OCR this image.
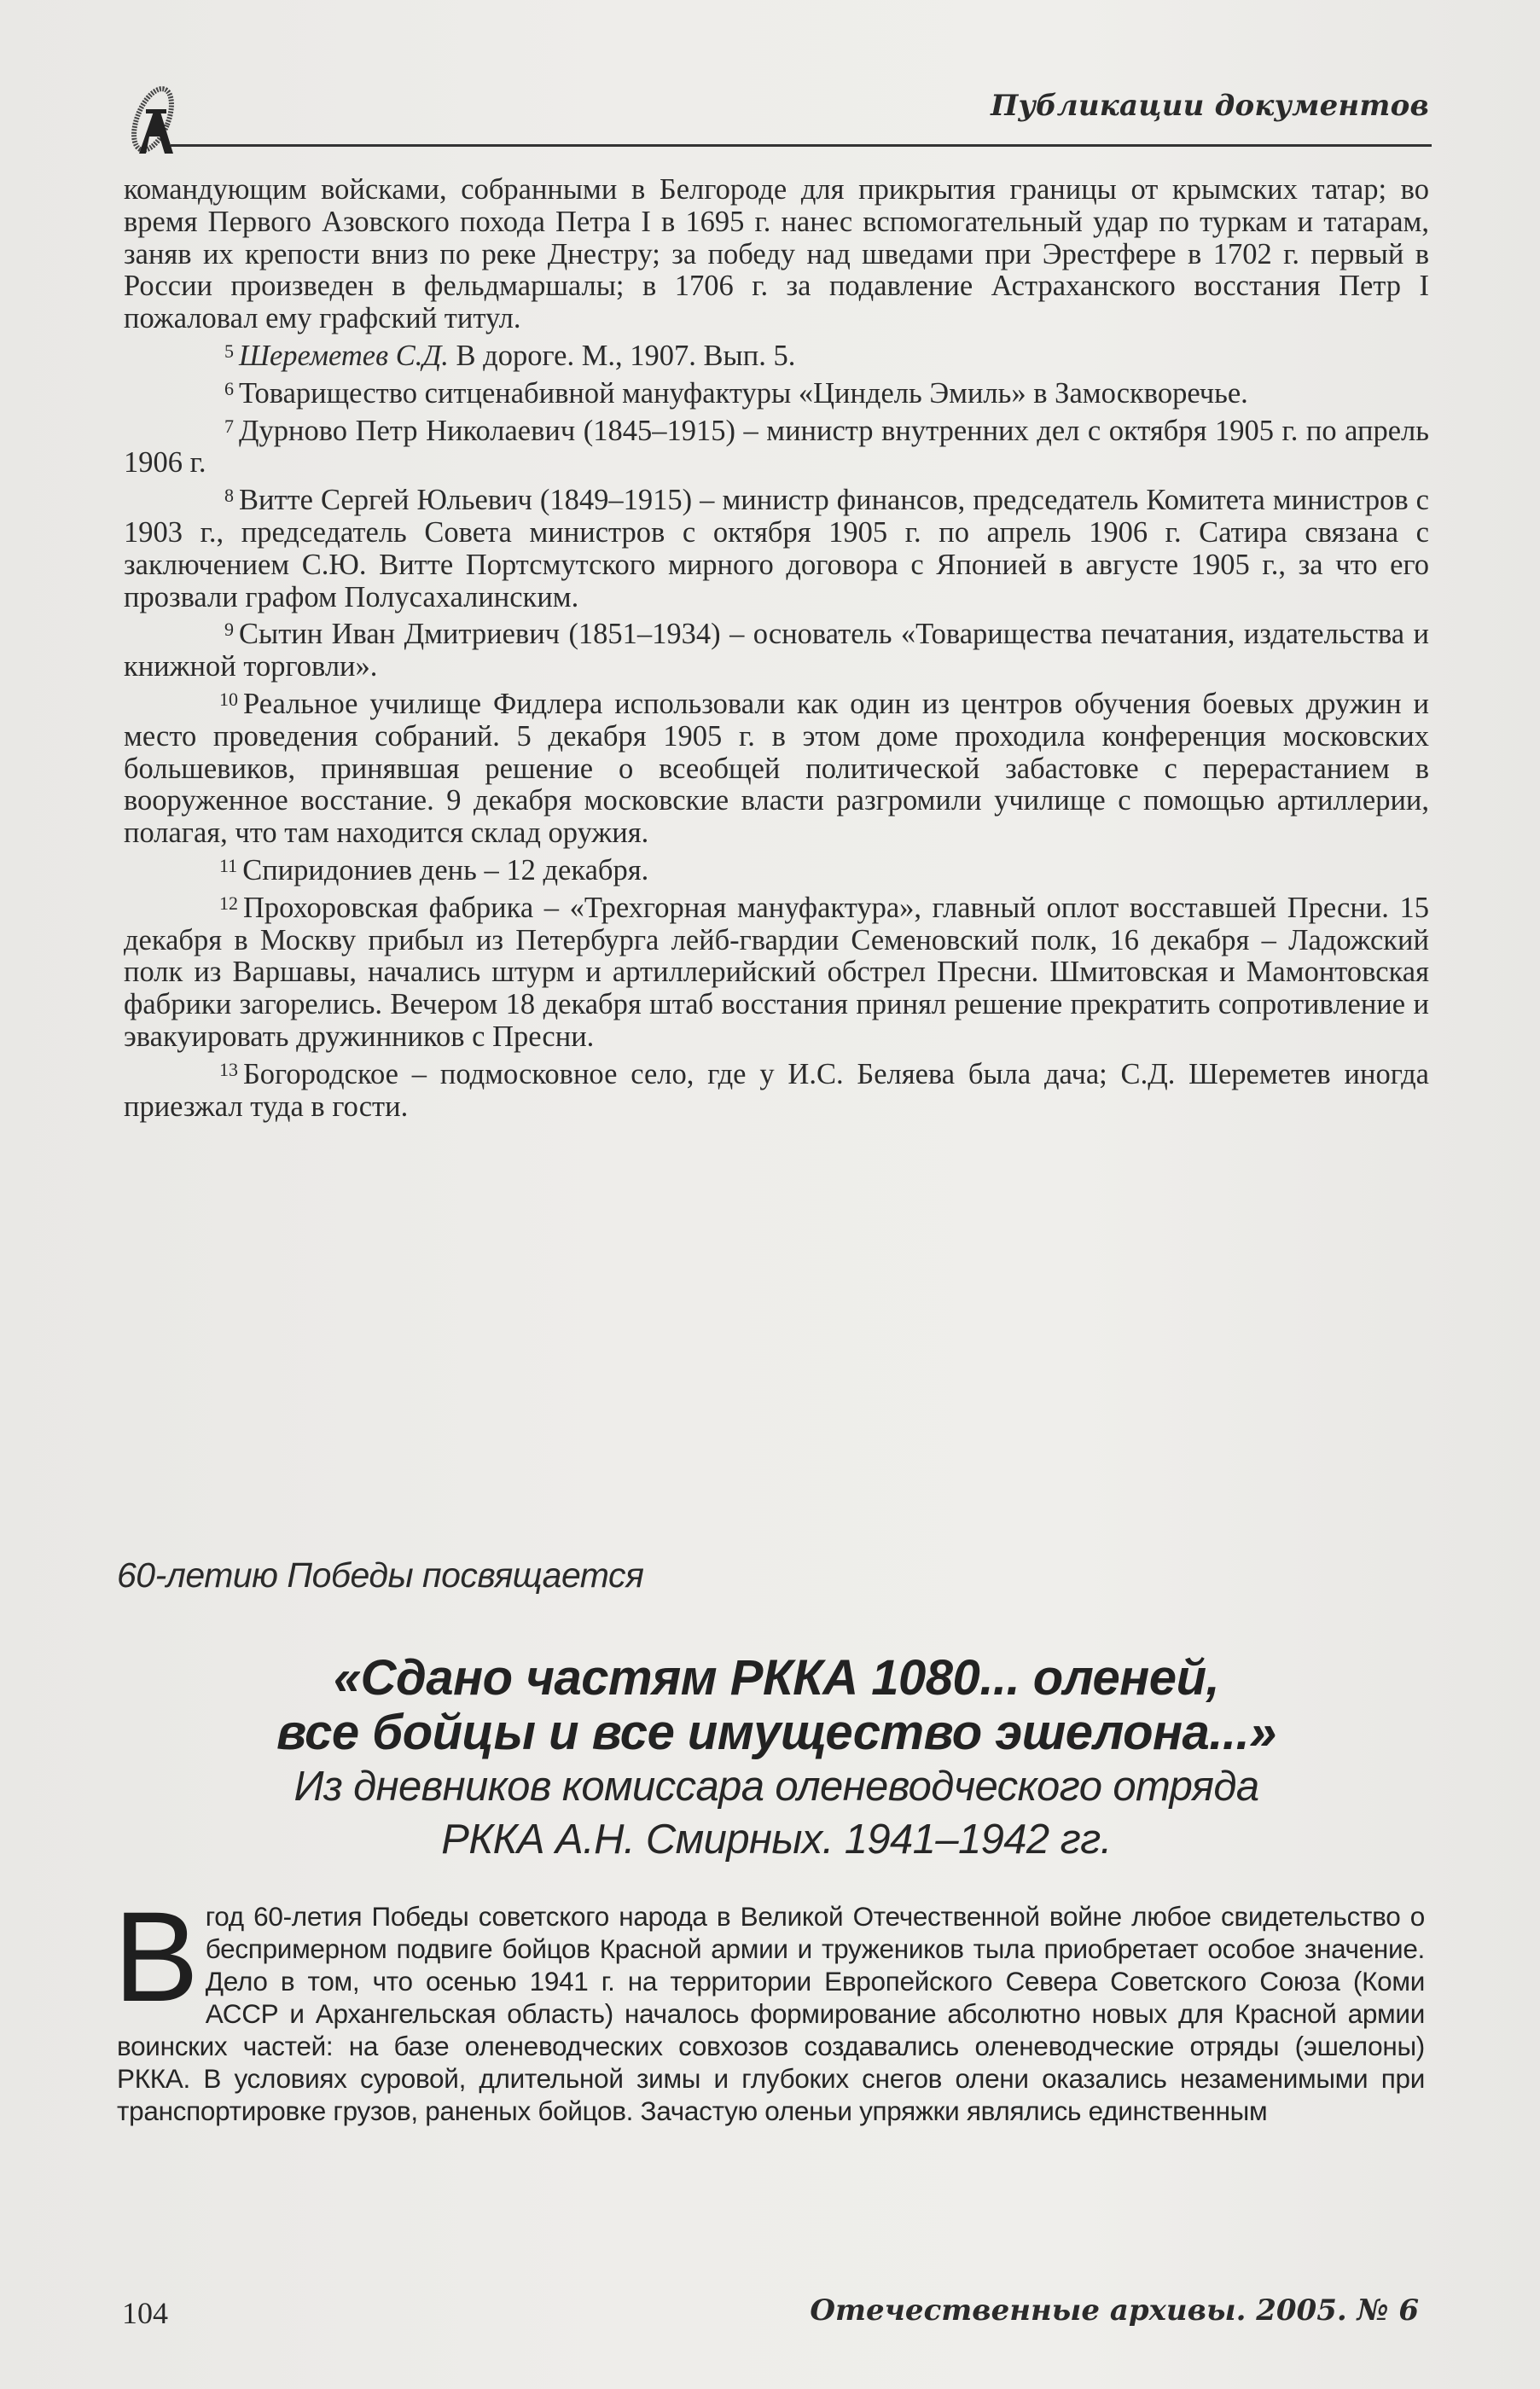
Публикации документов

командующим войсками, собранными в Белгороде для прикрытия границы от крымских татар; во время Первого Азовского похода Петра I в 1695 г. нанес вспомогательный удар по туркам и татарам, заняв их крепости вниз по реке Днестру; за победу над шведами при Эрестфере в 1702 г. первый в России произведен в фельдмаршалы; в 1706 г. за подавление Астраханского восстания Петр I пожаловал ему графский титул.

$^5$ Шереметев С.Д. В дороге. М., 1907. Вып. 5.

$^6$ Товарищество ситценабивной мануфактуры «Циндель Эмиль» в Замоскворечье.

$^7$ Дурново Петр Николаевич (1845–1915) – министр внутренних дел с октября 1905 г. по апрель 1906 г.

$^8$ Витте Сергей Юльевич (1849–1915) – министр финансов, председатель Комитета министров с 1903 г., председатель Совета министров с октября 1905 г. по апрель 1906 г. Сатира связана с заключением С.Ю. Витте Портсмутского мирного договора с Японией в августе 1905 г., за что его прозвали графом Полусахалинским.

$^9$ Сытин Иван Дмитриевич (1851–1934) – основатель «Товарищества печатания, издательства и книжной торговли».

$^{10}$ Реальное училище Фидлера использовали как один из центров обучения боевых дружин и место проведения собраний. 5 декабря 1905 г. в этом доме проходила конференция московских большевиков, принявшая решение о всеобщей политической забастовке с перерастанием в вооруженное восстание. 9 декабря московские власти разгромили училище с помощью артиллерии, полагая, что там находится склад оружия.

$^{11}$ Спиридониев день – 12 декабря.

$^{12}$ Прохоровская фабрика – «Трехгорная мануфактура», главный оплот восставшей Пресни. 15 декабря в Москву прибыл из Петербурга лейб-гвардии Семеновский полк, 16 декабря – Ладожский полк из Варшавы, начались штурм и артиллерийский обстрел Пресни. Шмитовская и Мамонтовская фабрики загорелись. Вечером 18 декабря штаб восстания принял решение прекратить сопротивление и эвакуировать дружинников с Пресни.

$^{13}$ Богородское – подмосковное село, где у И.С. Беляева была дача; С.Д. Шереметев иногда приезжал туда в гости.

60-летию Победы посвящается
«Сдано частям РККА 1080... оленей,
все бойцы и все имущество эшелона...»
Из дневников комиссара оленеводческого отряда
РККА А.Н. Смирных. 1941–1942 гг.
В год 60-летия Победы советского народа в Великой Отечественной войне любое свидетельство о беспримерном подвиге бойцов Красной армии и тружеников тыла приобретает особое значение. Дело в том, что осенью 1941 г. на территории Европейского Севера Советского Союза (Коми АССР и Архангельская область) началось формирование абсолютно новых для Красной армии воинских частей: на базе оленеводческих совхозов создавались оленеводческие отряды (эшелоны) РККА. В условиях суровой, длительной зимы и глубоких снегов олени оказались незаменимыми при транспортировке грузов, раненых бойцов. Зачастую оленьи упряжки являлись единственным
104	Отечественные архивы. 2005. № 6
